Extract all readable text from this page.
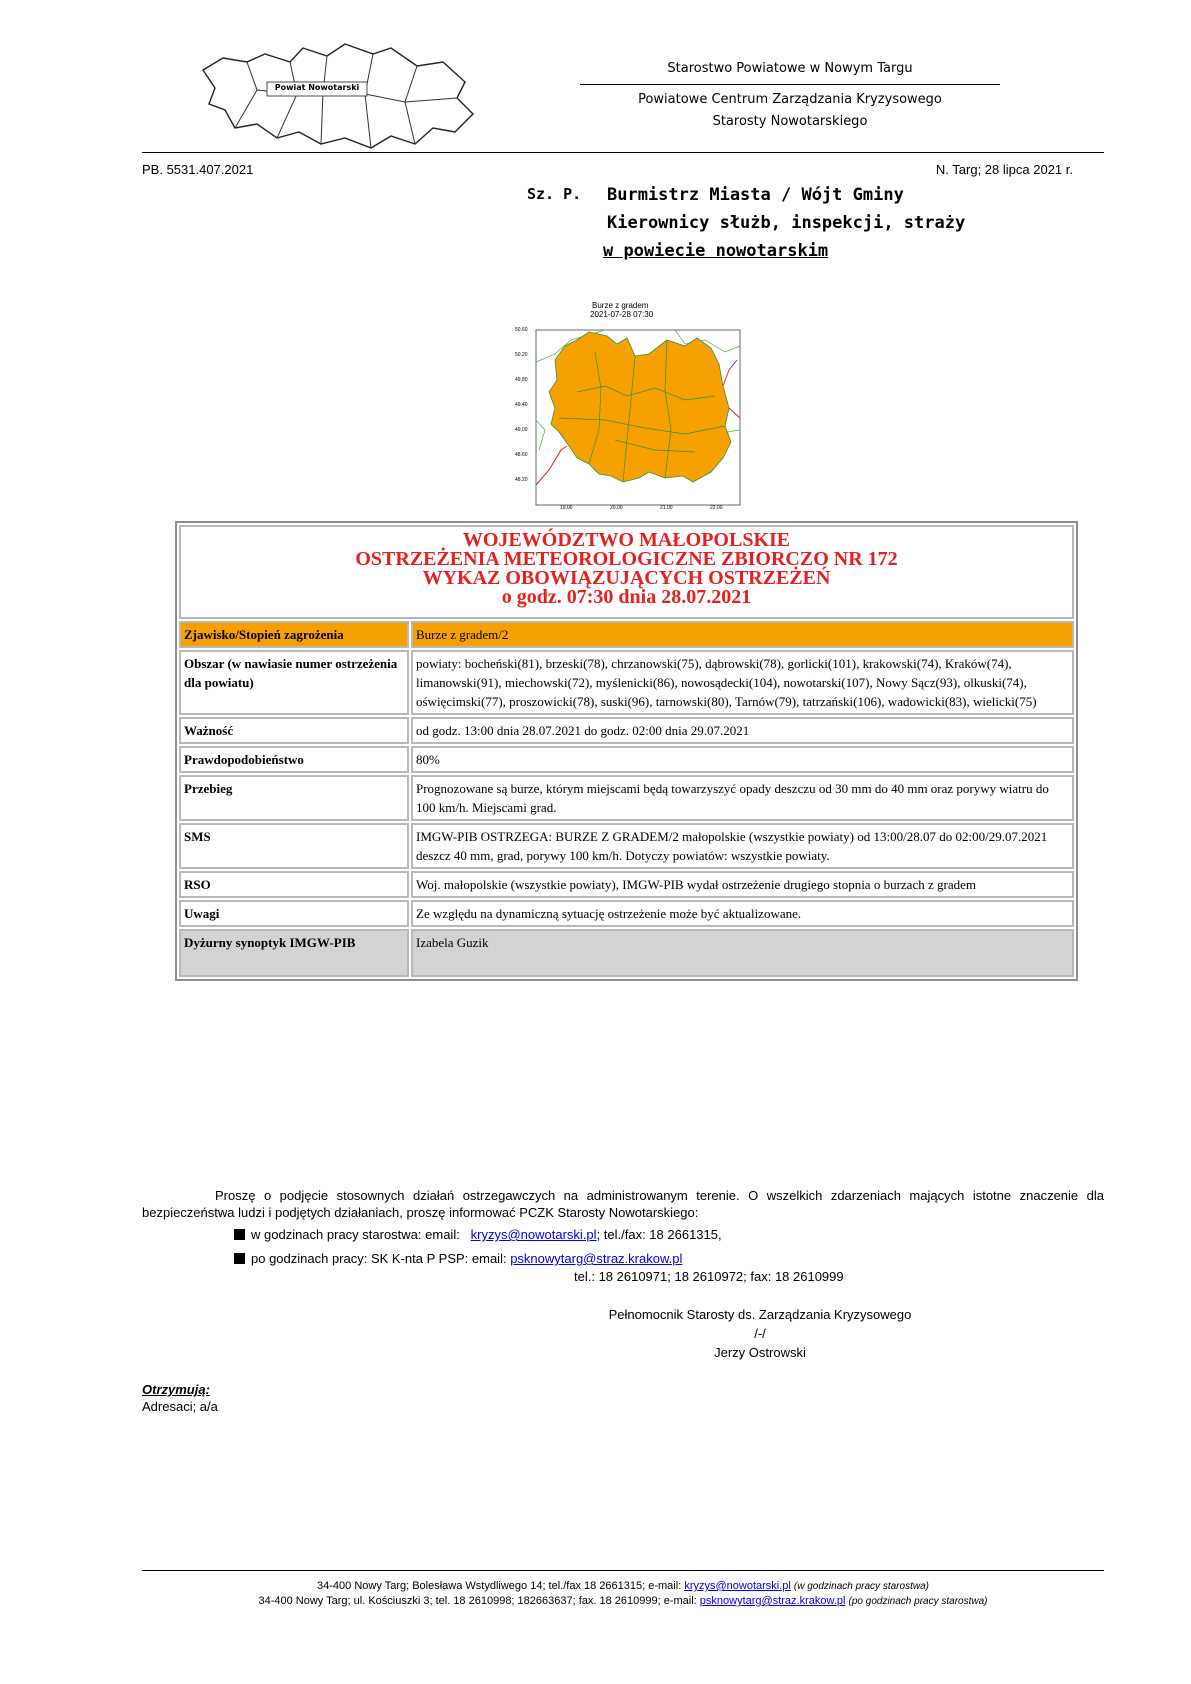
Powiat Nowotarski
Starostwo Powiatowe w Nowym Targu
Powiatowe Centrum Zarządzania Kryzysowego
Starosty Nowotarskiego
PB. 5531.407.2021	N. Targ; 28 lipca 2021 r.
Sz. P. Burmistrz Miasta / Wójt Gminy
Kierownicy służb, inspekcji, straży
w powiecie nowotarskim
Burze z gradem
2021-07-28 07:30
50.60
50.20
49.80
49.40
49.00
48.60
48.20
19.00	20.00	21.00	22.00
WOJEWÓDZTWO MAŁOPOLSKIE
OSTRZEŻENIA METEOROLOGICZNE ZBIORCZO NR 172
WYKAZ OBOWIĄZUJĄCYCH OSTRZEŻEŃ
o godz. 07:30 dnia 28.07.2021	

Zjawisko/Stopień zagrożenia	Burze z gradem/2
Obszar (w nawiasie numer ostrzeżenia dla powiatu)	powiaty: bocheński(81), brzeski(78), chrzanowski(75), dąbrowski(78), gorlicki(101), krakowski(74), Kraków(74), limanowski(91), miechowski(72), myślenicki(86), nowosądecki(104), nowotarski(107), Nowy Sącz(93), olkuski(74), oświęcimski(77), proszowicki(78), suski(96), tarnowski(80), Tarnów(79), tatrzański(106), wadowicki(83), wielicki(75)
Ważność	od godz. 13:00 dnia 28.07.2021 do godz. 02:00 dnia 29.07.2021
Prawdopodobieństwo	80%
Przebieg	Prognozowane są burze, którym miejscami będą towarzyszyć opady deszczu od 30 mm do 40 mm oraz porywy wiatru do 100 km/h. Miejscami grad.
SMS	IMGW-PIB OSTRZEGA: BURZE Z GRADEM/2 małopolskie (wszystkie powiaty) od 13:00/28.07 do 02:00/29.07.2021 deszcz 40 mm, grad, porywy 100 km/h. Dotyczy powiatów: wszystkie powiaty.
RSO	Woj. małopolskie (wszystkie powiaty), IMGW-PIB wydał ostrzeżenie drugiego stopnia o burzach z gradem
Uwagi	Ze względu na dynamiczną sytuację ostrzeżenie może być aktualizowane.
Dyżurny synoptyk IMGW-PIB	Izabela Guzik
Proszę o podjęcie stosownych działań ostrzegawczych na administrowanym terenie. O wszelkich zdarzeniach mających istotne znaczenie dla bezpieczeństwa ludzi i podjętych działaniach, proszę informować PCZK Starosty Nowotarskiego:
w godzinach pracy starostwa: email: kryzys@nowotarski.pl; tel./fax: 18 2661315,
po godzinach pracy: SK K-nta P PSP: email: psknowytarg@straz.krakow.pl
tel.: 18 2610971; 18 2610972; fax: 18 2610999
Pełnomocnik Starosty ds. Zarządzania Kryzysowego
/-/
Jerzy Ostrowski
Otrzymują:
Adresaci; a/a
34-400 Nowy Targ; Bolesława Wstydliwego 14; tel./fax 18 2661315; e-mail: kryzys@nowotarski.pl (w godzinach pracy starostwa)
34-400 Nowy Targ; ul. Kościuszki 3; tel. 18 2610998; 182663637; fax. 18 2610999; e-mail: psknowytarg@straz.krakow.pl (po godzinach pracy starostwa)
